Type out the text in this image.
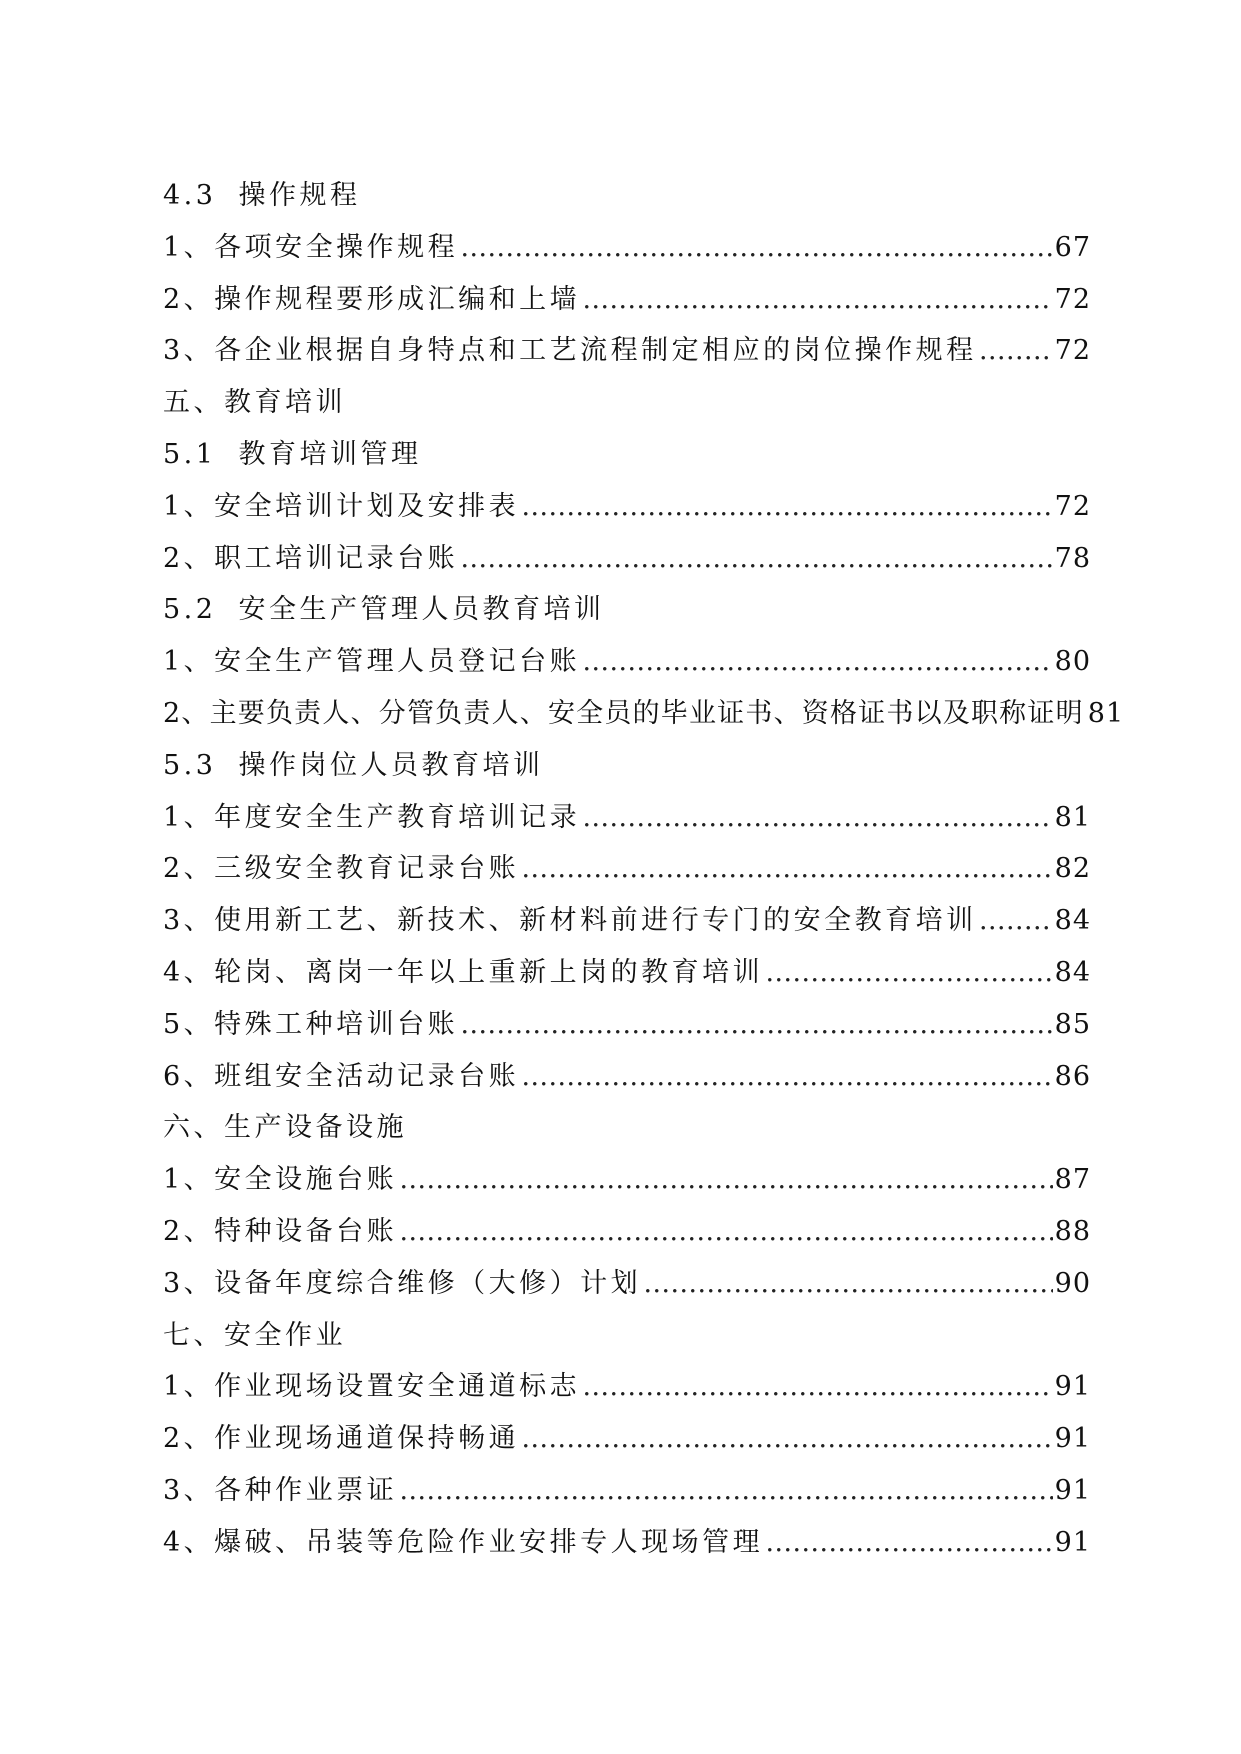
4.3 操作规程
1、各项安全操作规程 …………………………………………………………………………………………………………………………………………………………………………	67
2、操作规程要形成汇编和上墙 …………………………………………………………………………………………………………………………………………………………………………	72
3、各企业根据自身特点和工艺流程制定相应的岗位操作规程 …………………………………………………………………………………………………………………………………………………………………………	72
五、教育培训
5.1 教育培训管理
1、安全培训计划及安排表 …………………………………………………………………………………………………………………………………………………………………………	72
2、职工培训记录台账 …………………………………………………………………………………………………………………………………………………………………………	78
5.2 安全生产管理人员教育培训
1、安全生产管理人员登记台账 …………………………………………………………………………………………………………………………………………………………………………	80
2、主要负责人、分管负责人、安全员的毕业证书、资格证书以及职称证明 81
5.3 操作岗位人员教育培训
1、年度安全生产教育培训记录 …………………………………………………………………………………………………………………………………………………………………………	81
2、三级安全教育记录台账 …………………………………………………………………………………………………………………………………………………………………………	82
3、使用新工艺、新技术、新材料前进行专门的安全教育培训 …………………………………………………………………………………………………………………………………………………………………………	84
4、轮岗、离岗一年以上重新上岗的教育培训 …………………………………………………………………………………………………………………………………………………………………………	84
5、特殊工种培训台账 …………………………………………………………………………………………………………………………………………………………………………	85
6、班组安全活动记录台账 …………………………………………………………………………………………………………………………………………………………………………	86
六、生产设备设施
1、安全设施台账 …………………………………………………………………………………………………………………………………………………………………………	87
2、特种设备台账 …………………………………………………………………………………………………………………………………………………………………………	88
3、设备年度综合维修（大修）计划 …………………………………………………………………………………………………………………………………………………………………………	90
七、安全作业
1、作业现场设置安全通道标志 …………………………………………………………………………………………………………………………………………………………………………	91
2、作业现场通道保持畅通 …………………………………………………………………………………………………………………………………………………………………………	91
3、各种作业票证 …………………………………………………………………………………………………………………………………………………………………………	91
4、爆破、吊装等危险作业安排专人现场管理 …………………………………………………………………………………………………………………………………………………………………………	91
